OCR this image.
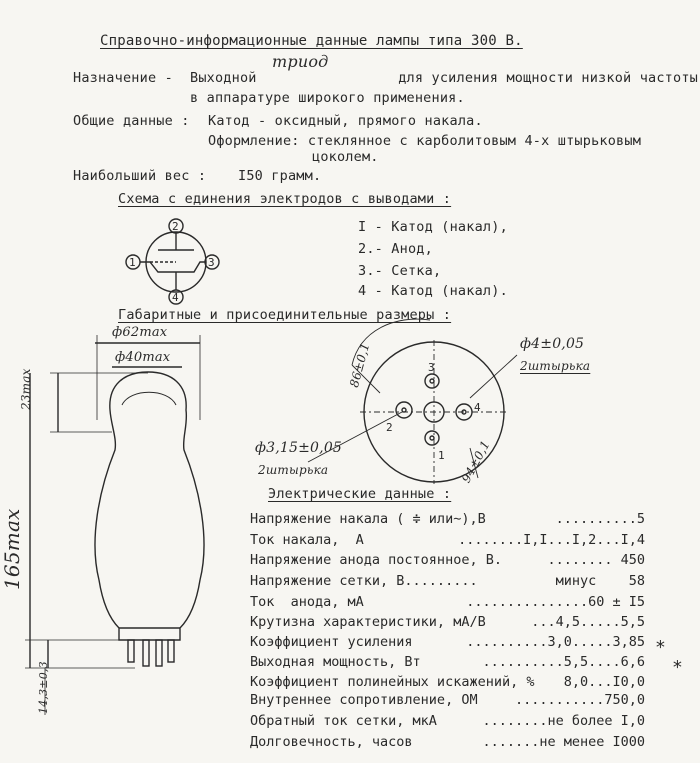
Справочно-информационные данные лампы типа 300 В.
триод
Назначение - Выходной                 для усиления мощности низкой частоты
в аппаратуре широкого применения.
Общие данные : Катод - оксидный, прямого накала.
Оформление: стеклянное с карболитовым 4-х штырьковым
цоколем.
Наибольший вес : I50 грамм.
Схема с единения электродов с выводами :
I - Катод (накал),
2.- Анод,
3.- Сетка,
4 - Катод (накал).
Габаритные и присоединительные размеры :
2
1	3
4
ф62max
ф40max
23max
165max
14,3±0,3
ф4±0,05
2штырька
ф3,15±0,05
2штырька
86±0,1
94±0,1
3
2
4
1
Электрические данные :
Напряжение накала ( ≑ или∼),В	..........5
Ток накала,  А	........I,I...I,2...I,4
Напряжение анода постоянное, В.	........ 450
Напряжение сетки, В.........	минус    58
Ток  анода, мА	...............60 ± I5
Крутизна характеристики, мА/В	...4,5.....5,5
Коэффициент усиления	..........3,0.....3,85
Выходная мощность, Вт	..........5,5....6,6
Коэффициент полинейных искажений, % 8,0...I0,0
Внутреннее сопротивление, ОМ	...........750,0
Обратный ток сетки, мкА	........не более I,0
Долговечность, часов	.......не менее I000
*
*
